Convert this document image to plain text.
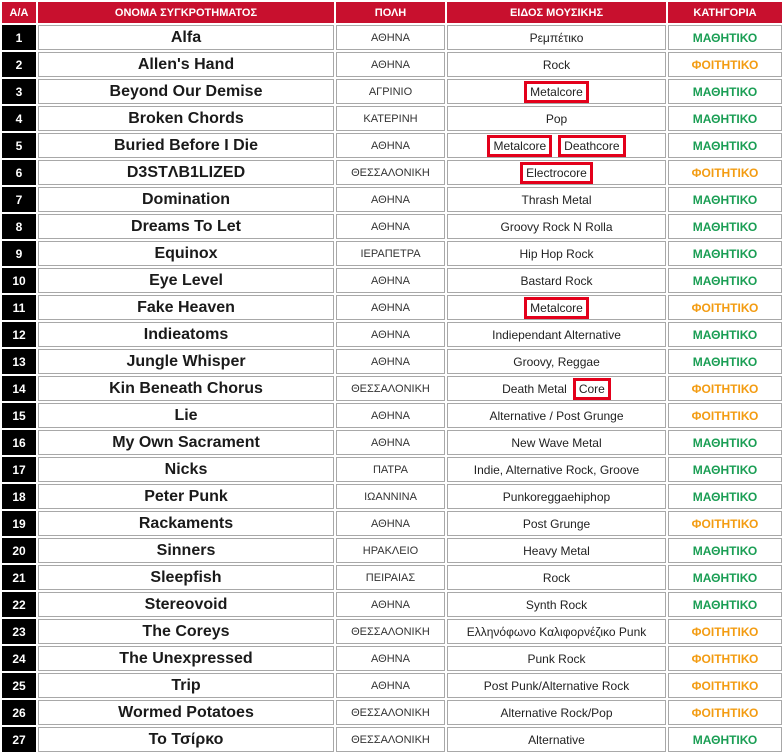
Α/Α	ΟΝΟΜΑ ΣΥΓΚΡΟΤΗΜΑΤΟΣ	ΠΟΛΗ	ΕΙΔΟΣ ΜΟΥΣΙΚΗΣ	ΚΑΤΗΓΟΡΙΑ
1	Alfa	ΑΘΗΝΑ	Ρεμπέτικο	ΜΑΘΗΤΙΚΟ
2	Allen's Hand	ΑΘΗΝΑ	Rock	ΦΟΙΤΗΤΙΚΟ
3	Beyond Our Demise	ΑΓΡΙΝΙΟ	Metalcore	ΜΑΘΗΤΙΚΟ
4	Broken Chords	ΚΑΤΕΡΙΝΗ	Pop	ΜΑΘΗΤΙΚΟ
5	Buried Before I Die	ΑΘΗΝΑ	Metalcore Deathcore	ΜΑΘΗΤΙΚΟ
6	D3STΛB1LIZED	ΘΕΣΣΑΛΟΝΙΚΗ	Electrocore	ΦΟΙΤΗΤΙΚΟ
7	Domination	ΑΘΗΝΑ	Thrash Metal	ΜΑΘΗΤΙΚΟ
8	Dreams To Let	ΑΘΗΝΑ	Groovy Rock N Rolla	ΜΑΘΗΤΙΚΟ
9	Equinox	ΙΕΡΑΠΕΤΡΑ	Hip Hop Rock	ΜΑΘΗΤΙΚΟ
10	Eye Level	ΑΘΗΝΑ	Bastard Rock	ΜΑΘΗΤΙΚΟ
11	Fake Heaven	ΑΘΗΝΑ	Metalcore	ΦΟΙΤΗΤΙΚΟ
12	Indieatoms	ΑΘΗΝΑ	Indiependant Alternative	ΜΑΘΗΤΙΚΟ
13	Jungle Whisper	ΑΘΗΝΑ	Groovy, Reggae	ΜΑΘΗΤΙΚΟ
14	Kin Beneath Chorus	ΘΕΣΣΑΛΟΝΙΚΗ	Death Metal Core	ΦΟΙΤΗΤΙΚΟ
15	Lie	ΑΘΗΝΑ	Alternative / Post Grunge	ΦΟΙΤΗΤΙΚΟ
16	My Own Sacrament	ΑΘΗΝΑ	New Wave Metal	ΜΑΘΗΤΙΚΟ
17	Nicks	ΠΑΤΡΑ	Indie, Alternative Rock, Groove	ΜΑΘΗΤΙΚΟ
18	Peter Punk	ΙΩΑΝΝΙΝΑ	Punkoreggaehiphop	ΜΑΘΗΤΙΚΟ
19	Rackaments	ΑΘΗΝΑ	Post Grunge	ΦΟΙΤΗΤΙΚΟ
20	Sinners	ΗΡΑΚΛΕΙΟ	Heavy Metal	ΜΑΘΗΤΙΚΟ
21	Sleepfish	ΠΕΙΡΑΙΑΣ	Rock	ΜΑΘΗΤΙΚΟ
22	Stereovoid	ΑΘΗΝΑ	Synth Rock	ΜΑΘΗΤΙΚΟ
23	The Coreys	ΘΕΣΣΑΛΟΝΙΚΗ	Ελληνόφωνο Καλιφορνέζικο Punk	ΦΟΙΤΗΤΙΚΟ
24	The Unexpressed	ΑΘΗΝΑ	Punk Rock	ΦΟΙΤΗΤΙΚΟ
25	Trip	ΑΘΗΝΑ	Post Punk/Alternative Rock	ΦΟΙΤΗΤΙΚΟ
26	Wormed Potatoes	ΘΕΣΣΑΛΟΝΙΚΗ	Alternative Rock/Pop	ΦΟΙΤΗΤΙΚΟ
27	Το Τσίρκο	ΘΕΣΣΑΛΟΝΙΚΗ	Alternative	ΜΑΘΗΤΙΚΟ
